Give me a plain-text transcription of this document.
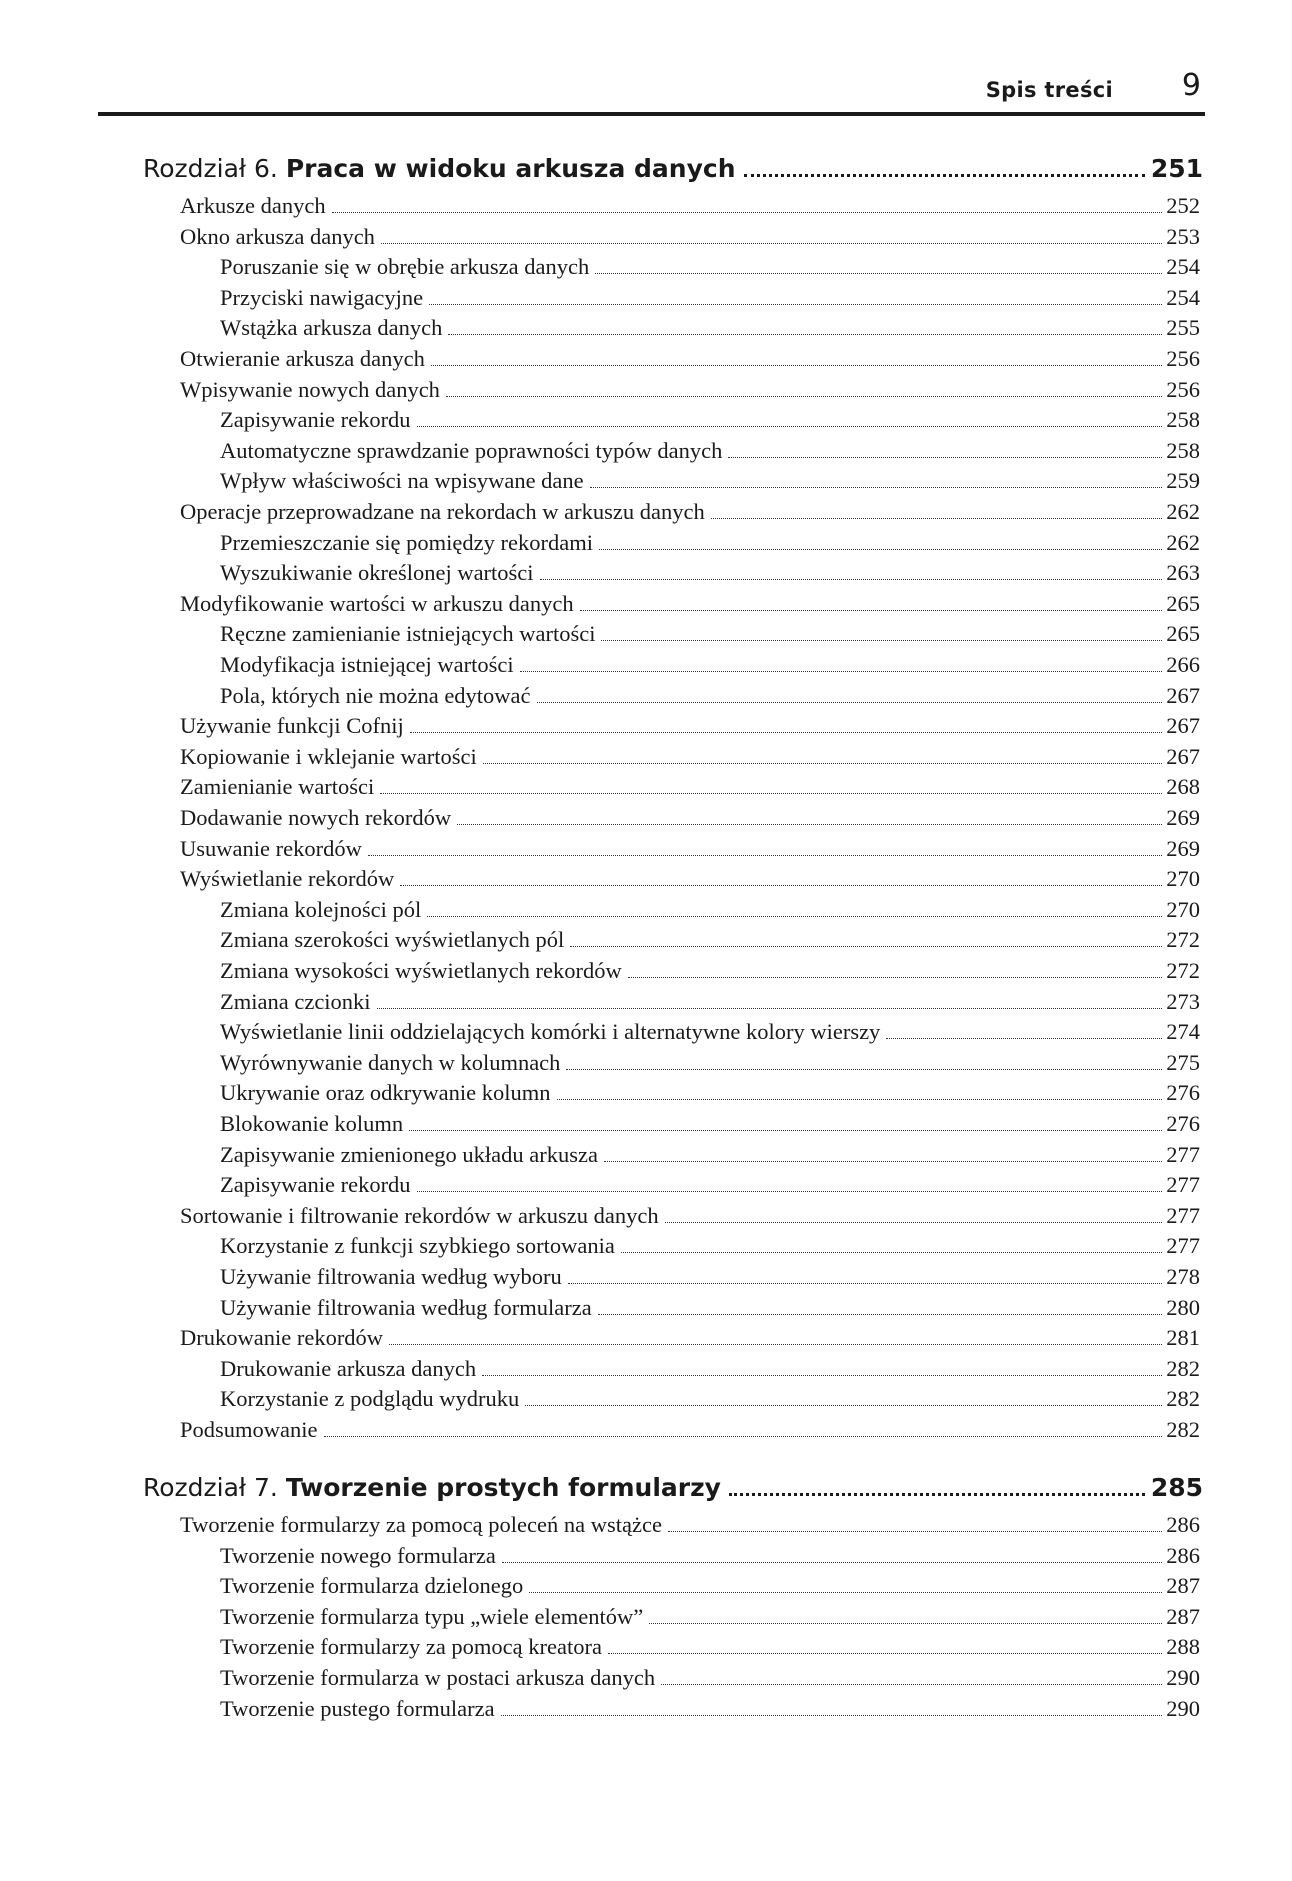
Spis treści 9
Rozdział 6. Praca w widoku arkusza danych	251
Arkusze danych	252
Okno arkusza danych	253
Poruszanie się w obrębie arkusza danych	254
Przyciski nawigacyjne	254
Wstążka arkusza danych	255
Otwieranie arkusza danych	256
Wpisywanie nowych danych	256
Zapisywanie rekordu	258
Automatyczne sprawdzanie poprawności typów danych	258
Wpływ właściwości na wpisywane dane	259
Operacje przeprowadzane na rekordach w arkuszu danych	262
Przemieszczanie się pomiędzy rekordami	262
Wyszukiwanie określonej wartości	263
Modyfikowanie wartości w arkuszu danych	265
Ręczne zamienianie istniejących wartości	265
Modyfikacja istniejącej wartości	266
Pola, których nie można edytować	267
Używanie funkcji Cofnij	267
Kopiowanie i wklejanie wartości	267
Zamienianie wartości	268
Dodawanie nowych rekordów	269
Usuwanie rekordów	269
Wyświetlanie rekordów	270
Zmiana kolejności pól	270
Zmiana szerokości wyświetlanych pól	272
Zmiana wysokości wyświetlanych rekordów	272
Zmiana czcionki	273
Wyświetlanie linii oddzielających komórki i alternatywne kolory wierszy	274
Wyrównywanie danych w kolumnach	275
Ukrywanie oraz odkrywanie kolumn	276
Blokowanie kolumn	276
Zapisywanie zmienionego układu arkusza	277
Zapisywanie rekordu	277
Sortowanie i filtrowanie rekordów w arkuszu danych	277
Korzystanie z funkcji szybkiego sortowania	277
Używanie filtrowania według wyboru	278
Używanie filtrowania według formularza	280
Drukowanie rekordów	281
Drukowanie arkusza danych	282
Korzystanie z podglądu wydruku	282
Podsumowanie	282
Rozdział 7. Tworzenie prostych formularzy	285
Tworzenie formularzy za pomocą poleceń na wstążce	286
Tworzenie nowego formularza	286
Tworzenie formularza dzielonego	287
Tworzenie formularza typu „wiele elementów”	287
Tworzenie formularzy za pomocą kreatora	288
Tworzenie formularza w postaci arkusza danych	290
Tworzenie pustego formularza	290
